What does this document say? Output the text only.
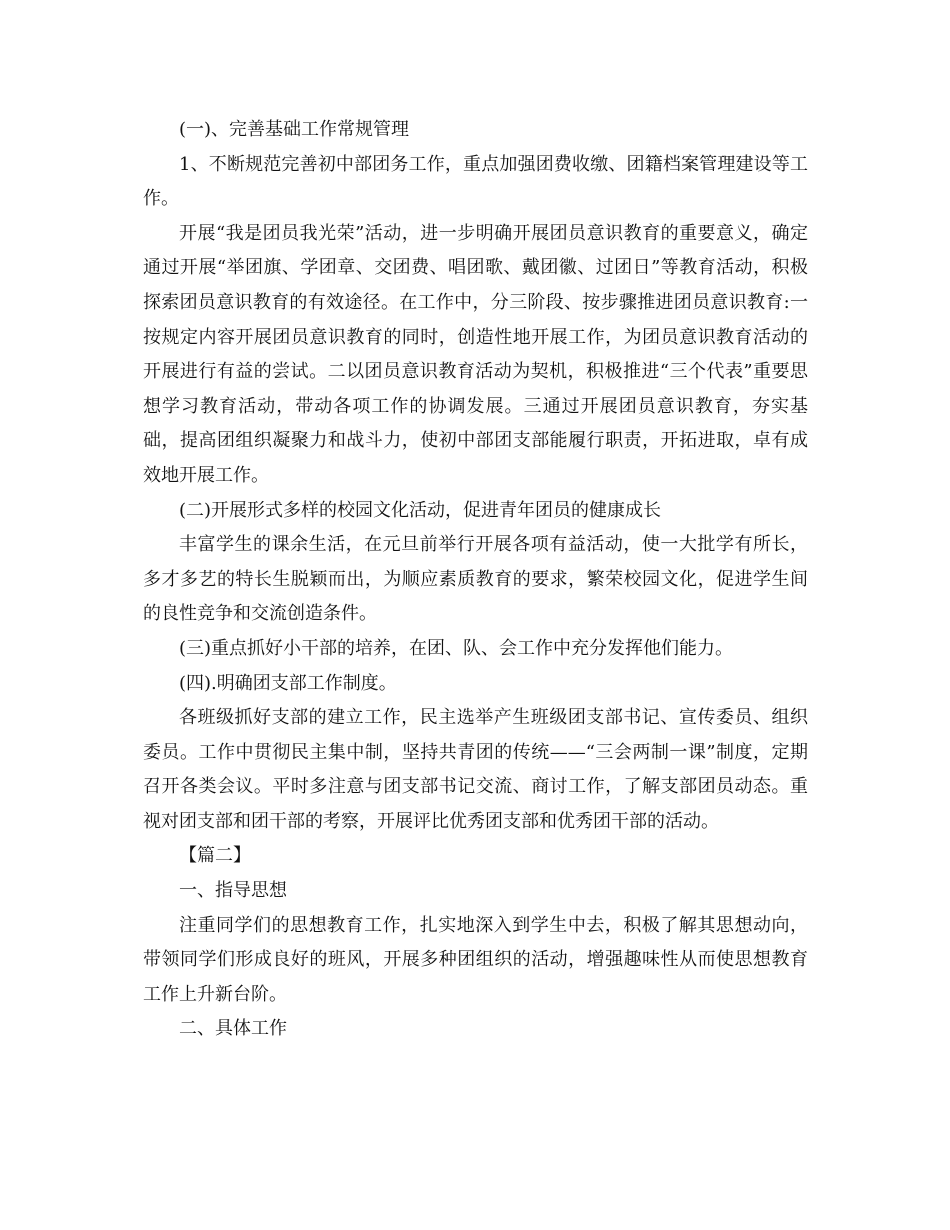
(一)、完善基础工作常规管理

1、不断规范完善初中部团务工作，重点加强团费收缴、团籍档案管理建设等工作。

开展“我是团员我光荣”活动，进一步明确开展团员意识教育的重要意义，确定通过开展“举团旗、学团章、交团费、唱团歌、戴团徽、过团日”等教育活动，积极探索团员意识教育的有效途径。在工作中，分三阶段、按步骤推进团员意识教育:一按规定内容开展团员意识教育的同时，创造性地开展工作，为团员意识教育活动的开展进行有益的尝试。二以团员意识教育活动为契机，积极推进“三个代表”重要思想学习教育活动，带动各项工作的协调发展。三通过开展团员意识教育，夯实基础，提高团组织凝聚力和战斗力，使初中部团支部能履行职责，开拓进取，卓有成效地开展工作。

(二)开展形式多样的校园文化活动，促进青年团员的健康成长

丰富学生的课余生活，在元旦前举行开展各项有益活动，使一大批学有所长，多才多艺的特长生脱颖而出，为顺应素质教育的要求，繁荣校园文化，促进学生间的良性竞争和交流创造条件。

(三)重点抓好小干部的培养，在团、队、会工作中充分发挥他们能力。

(四).明确团支部工作制度。

各班级抓好支部的建立工作，民主选举产生班级团支部书记、宣传委员、组织委员。工作中贯彻民主集中制，坚持共青团的传统——“三会两制一课”制度，定期召开各类会议。平时多注意与团支部书记交流、商讨工作，了解支部团员动态。重视对团支部和团干部的考察，开展评比优秀团支部和优秀团干部的活动。

【篇二】

一、指导思想

注重同学们的思想教育工作，扎实地深入到学生中去，积极了解其思想动向，带领同学们形成良好的班风，开展多种团组织的活动，增强趣味性从而使思想教育工作上升新台阶。

二、具体工作
